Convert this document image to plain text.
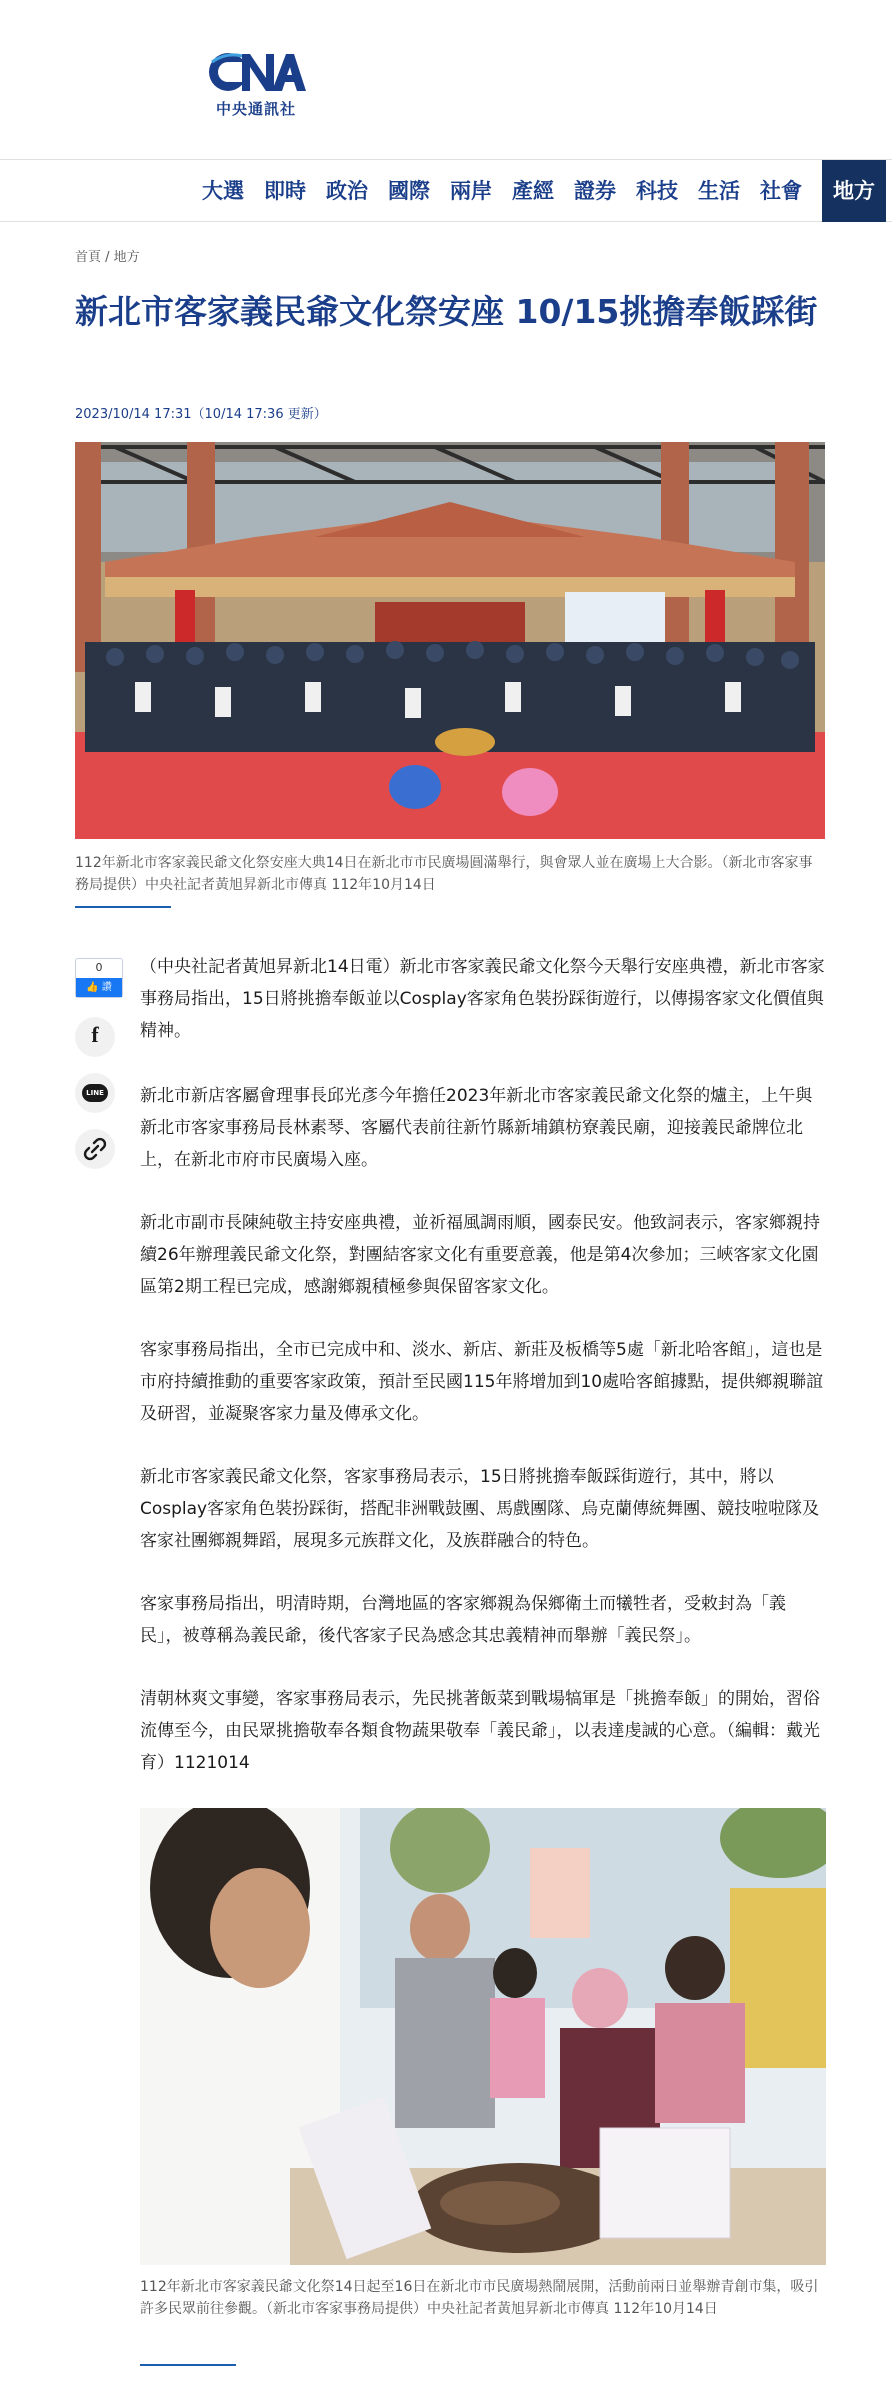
中央通訊社
大選 即時 政治 國際 兩岸 產經 證券 科技 生活 社會	地方
首頁 / 地方
新北市客家義民爺文化祭安座 10/15挑擔奉飯踩街
2023/10/14 17:31（10/14 17:36 更新）
112年新北市客家義民爺文化祭安座大典14日在新北市市民廣場圓滿舉行，與會眾人並在廣場上大合影。（新北市客家事務局提供）中央社記者黃旭昇新北市傳真 112年10月14日
0
👍 讚
f
LINE

（中央社記者黃旭昇新北14日電）新北市客家義民爺文化祭今天舉行安座典禮，新北市客家事務局指出，15日將挑擔奉飯並以Cosplay客家角色裝扮踩街遊行，以傳揚客家文化價值與精神。

新北市新店客屬會理事長邱光彥今年擔任2023年新北市客家義民爺文化祭的爐主，上午與新北市客家事務局長林素琴、客屬代表前往新竹縣新埔鎮枋寮義民廟，迎接義民爺牌位北上，在新北市府市民廣場入座。

新北市副市長陳純敬主持安座典禮，並祈福風調雨順，國泰民安。他致詞表示，客家鄉親持續26年辦理義民爺文化祭，對團結客家文化有重要意義，他是第4次參加；三峽客家文化園區第2期工程已完成，感謝鄉親積極參與保留客家文化。

客家事務局指出，全市已完成中和、淡水、新店、新莊及板橋等5處「新北哈客館」，這也是市府持續推動的重要客家政策，預計至民國115年將增加到10處哈客館據點，提供鄉親聯誼及研習，並凝聚客家力量及傳承文化。

新北市客家義民爺文化祭，客家事務局表示，15日將挑擔奉飯踩街遊行，其中，將以Cosplay客家角色裝扮踩街，搭配非洲戰鼓團、馬戲團隊、烏克蘭傳統舞團、競技啦啦隊及客家社團鄉親舞蹈，展現多元族群文化，及族群融合的特色。

客家事務局指出，明清時期，台灣地區的客家鄉親為保鄉衛土而犧牲者，受敕封為「義民」，被尊稱為義民爺，後代客家子民為感念其忠義精神而舉辦「義民祭」。

清朝林爽文事變，客家事務局表示，先民挑著飯菜到戰場犒軍是「挑擔奉飯」的開始，習俗流傳至今，由民眾挑擔敬奉各類食物蔬果敬奉「義民爺」，以表達虔誠的心意。（編輯：戴光育）1121014

112年新北市客家義民爺文化祭14日起至16日在新北市市民廣場熱鬧展開，活動前兩日並舉辦青創市集，吸引許多民眾前往參觀。（新北市客家事務局提供）中央社記者黃旭昇新北市傳真 112年10月14日
